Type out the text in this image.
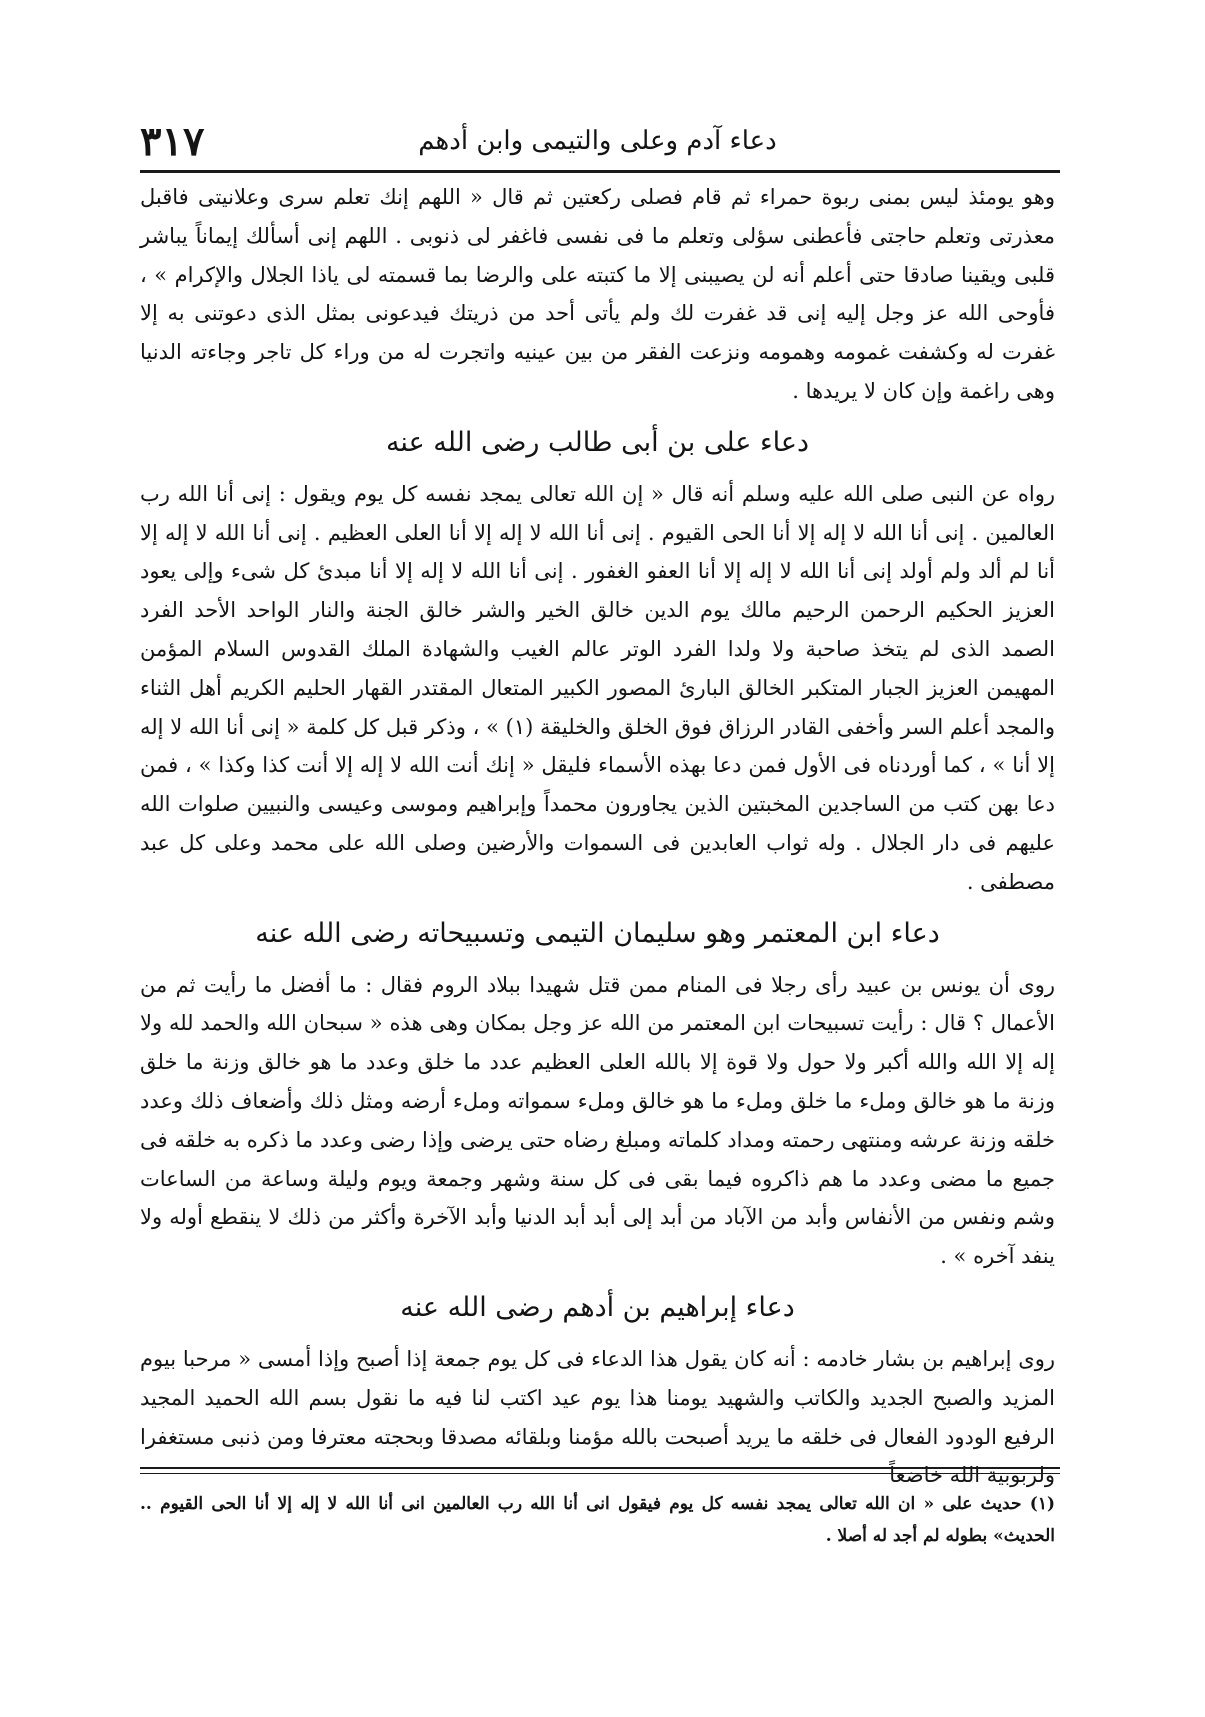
٣١٧	دعاء آدم وعلى والتيمى وابن أدهم

وهو يومئذ ليس بمنى ربوة حمراء ثم قام فصلى ركعتين ثم قال « اللهم إنك تعلم سرى وعلانيتى فاقبل معذرتى وتعلم حاجتى فأعطنى سؤلى وتعلم ما فى نفسى فاغفر لى ذنوبى . اللهم إنى أسألك إيماناً يباشر قلبى ويقينا صادقا حتى أعلم أنه لن يصيبنى إلا ما كتبته على والرضا بما قسمته لى ياذا الجلال والإكرام » ، فأوحى الله عز وجل إليه إنى قد غفرت لك ولم يأتى أحد من ذريتك فيدعونى بمثل الذى دعوتنى به إلا غفرت له وكشفت غمومه وهمومه ونزعت الفقر من بين عينيه واتجرت له من وراء كل تاجر وجاءته الدنيا وهى راغمة وإن كان لا يريدها .

دعاء على بن أبى طالب رضى الله عنه

رواه عن النبى صلى الله عليه وسلم أنه قال « إن الله تعالى يمجد نفسه كل يوم ويقول : إنى أنا الله رب العالمين . إنى أنا الله لا إله إلا أنا الحى القيوم . إنى أنا الله لا إله إلا أنا العلى العظيم . إنى أنا الله لا إله إلا أنا لم ألد ولم أولد إنى أنا الله لا إله إلا أنا العفو الغفور . إنى أنا الله لا إله إلا أنا مبدئ كل شىء وإلى يعود العزيز الحكيم الرحمن الرحيم مالك يوم الدين خالق الخير والشر خالق الجنة والنار الواحد الأحد الفرد الصمد الذى لم يتخذ صاحبة ولا ولدا الفرد الوتر عالم الغيب والشهادة الملك القدوس السلام المؤمن المهيمن العزيز الجبار المتكبر الخالق البارئ المصور الكبير المتعال المقتدر القهار الحليم الكريم أهل الثناء والمجد أعلم السر وأخفى القادر الرزاق فوق الخلق والخليقة (١) » ، وذكر قبل كل كلمة « إنى أنا الله لا إله إلا أنا » ، كما أوردناه فى الأول فمن دعا بهذه الأسماء فليقل « إنك أنت الله لا إله إلا أنت كذا وكذا » ، فمن دعا بهن كتب من الساجدين المخبتين الذين يجاورون محمداً وإبراهيم وموسى وعيسى والنبيين صلوات الله عليهم فى دار الجلال . وله ثواب العابدين فى السموات والأرضين وصلى الله على محمد وعلى كل عبد مصطفى .

دعاء ابن المعتمر وهو سليمان التيمى وتسبيحاته رضى الله عنه

روى أن يونس بن عبيد رأى رجلا فى المنام ممن قتل شهيدا ببلاد الروم فقال : ما أفضل ما رأيت ثم من الأعمال ؟ قال : رأيت تسبيحات ابن المعتمر من الله عز وجل بمكان وهى هذه « سبحان الله والحمد لله ولا إله إلا الله والله أكبر ولا حول ولا قوة إلا بالله العلى العظيم عدد ما خلق وعدد ما هو خالق وزنة ما خلق وزنة ما هو خالق وملء ما خلق وملء ما هو خالق وملء سمواته وملء أرضه ومثل ذلك وأضعاف ذلك وعدد خلقه وزنة عرشه ومنتهى رحمته ومداد كلماته ومبلغ رضاه حتى يرضى وإذا رضى وعدد ما ذكره به خلقه فى جميع ما مضى وعدد ما هم ذاكروه فيما بقى فى كل سنة وشهر وجمعة ويوم وليلة وساعة من الساعات وشم ونفس من الأنفاس وأبد من الآباد من أبد إلى أبد أبد الدنيا وأبد الآخرة وأكثر من ذلك لا ينقطع أوله ولا ينفد آخره » .

دعاء إبراهيم بن أدهم رضى الله عنه

روى إبراهيم بن بشار خادمه : أنه كان يقول هذا الدعاء فى كل يوم جمعة إذا أصبح وإذا أمسى « مرحبا بيوم المزيد والصبح الجديد والكاتب والشهيد يومنا هذا يوم عيد اكتب لنا فيه ما نقول بسم الله الحميد المجيد الرفيع الودود الفعال فى خلقه ما يريد أصبحت بالله مؤمنا وبلقائه مصدقا وبحجته معترفا ومن ذنبى مستغفرا ولربوبية الله خاضعاً

(١) حديث على « ان الله تعالى يمجد نفسه كل يوم فيقول انى أنا الله رب العالمين انى أنا الله لا إله إلا أنا الحى القيوم .. الحديث» بطوله لم أجد له أصلا .
